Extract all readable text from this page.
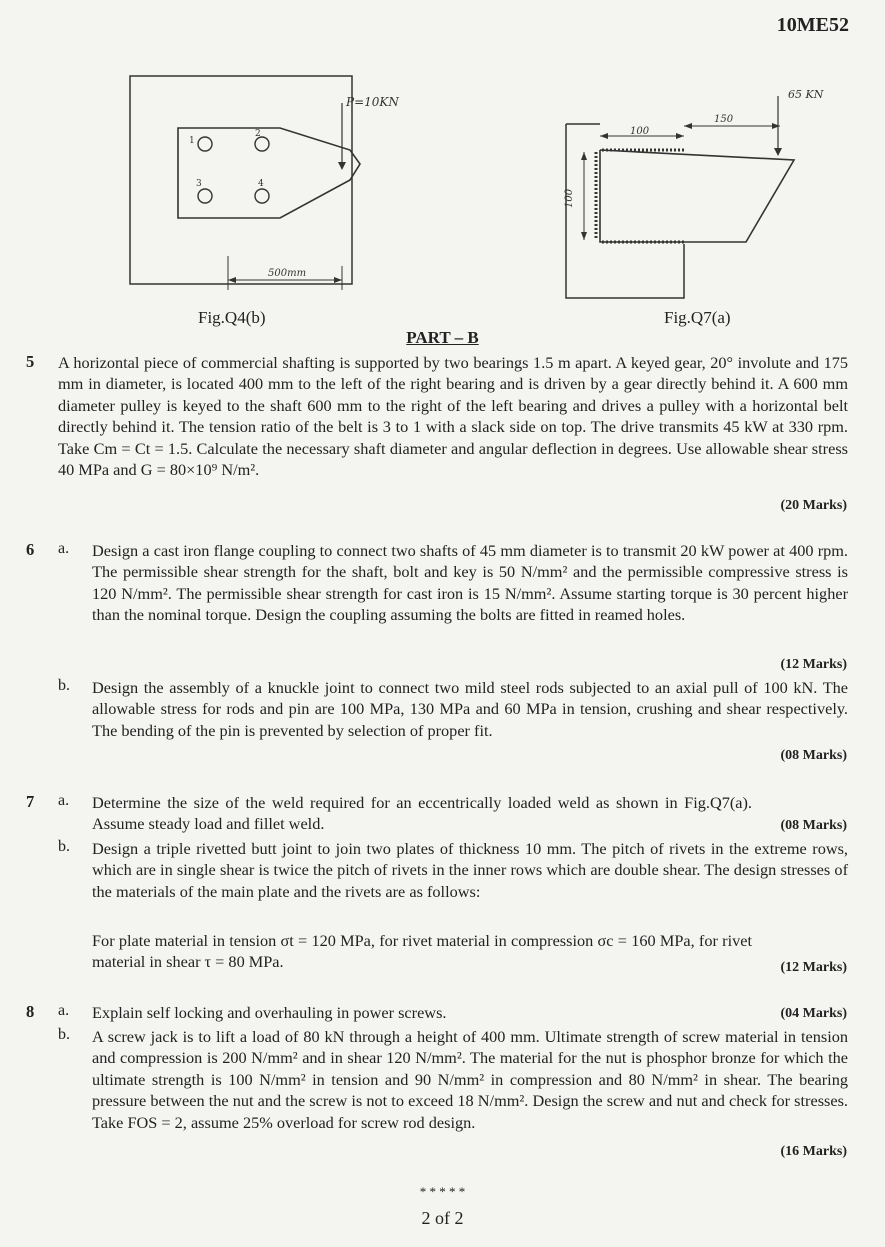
10ME52
1
2
3	4
P=10KN
500mm
Fig.Q4(b)
100
150
65 KN
100
Fig.Q7(a)
PART – B
5 A horizontal piece of commercial shafting is supported by two bearings 1.5 m apart. A keyed gear, 20° involute and 175 mm in diameter, is located 400 mm to the left of the right bearing and is driven by a gear directly behind it. A 600 mm diameter pulley is keyed to the shaft 600 mm to the right of the left bearing and drives a pulley with a horizontal belt directly behind it. The tension ratio of the belt is 3 to 1 with a slack side on top. The drive transmits 45 kW at 330 rpm. Take Cm = Ct = 1.5. Calculate the necessary shaft diameter and angular deflection in degrees. Use allowable shear stress 40 MPa and G = 80×10⁹ N/m².
(20 Marks)
6 a. Design a cast iron flange coupling to connect two shafts of 45 mm diameter is to transmit 20 kW power at 400 rpm. The permissible shear strength for the shaft, bolt and key is 50 N/mm² and the permissible compressive stress is 120 N/mm². The permissible shear strength for cast iron is 15 N/mm². Assume starting torque is 30 percent higher than the nominal torque. Design the coupling assuming the bolts are fitted in reamed holes.
(12 Marks)
b. Design the assembly of a knuckle joint to connect two mild steel rods subjected to an axial pull of 100 kN. The allowable stress for rods and pin are 100 MPa, 130 MPa and 60 MPa in tension, crushing and shear respectively. The bending of the pin is prevented by selection of proper fit.
(08 Marks)
7 a. Determine the size of the weld required for an eccentrically loaded weld as shown in Fig.Q7(a). Assume steady load and fillet weld.	(08 Marks)
b. Design a triple rivetted butt joint to join two plates of thickness 10 mm. The pitch of rivets in the extreme rows, which are in single shear is twice the pitch of rivets in the inner rows which are double shear. The design stresses of the materials of the main plate and the rivets are as follows:
For plate material in tension σt = 120 MPa, for rivet material in compression σc = 160 MPa, for rivet material in shear τ = 80 MPa.	(12 Marks)
8 a. Explain self locking and overhauling in power screws.	(04 Marks)
b. A screw jack is to lift a load of 80 kN through a height of 400 mm. Ultimate strength of screw material in tension and compression is 200 N/mm² and in shear 120 N/mm². The material for the nut is phosphor bronze for which the ultimate strength is 100 N/mm² in tension and 90 N/mm² in compression and 80 N/mm² in shear. The bearing pressure between the nut and the screw is not to exceed 18 N/mm². Design the screw and nut and check for stresses. Take FOS = 2, assume 25% overload for screw rod design.
(16 Marks)
* * * * *
2 of 2
